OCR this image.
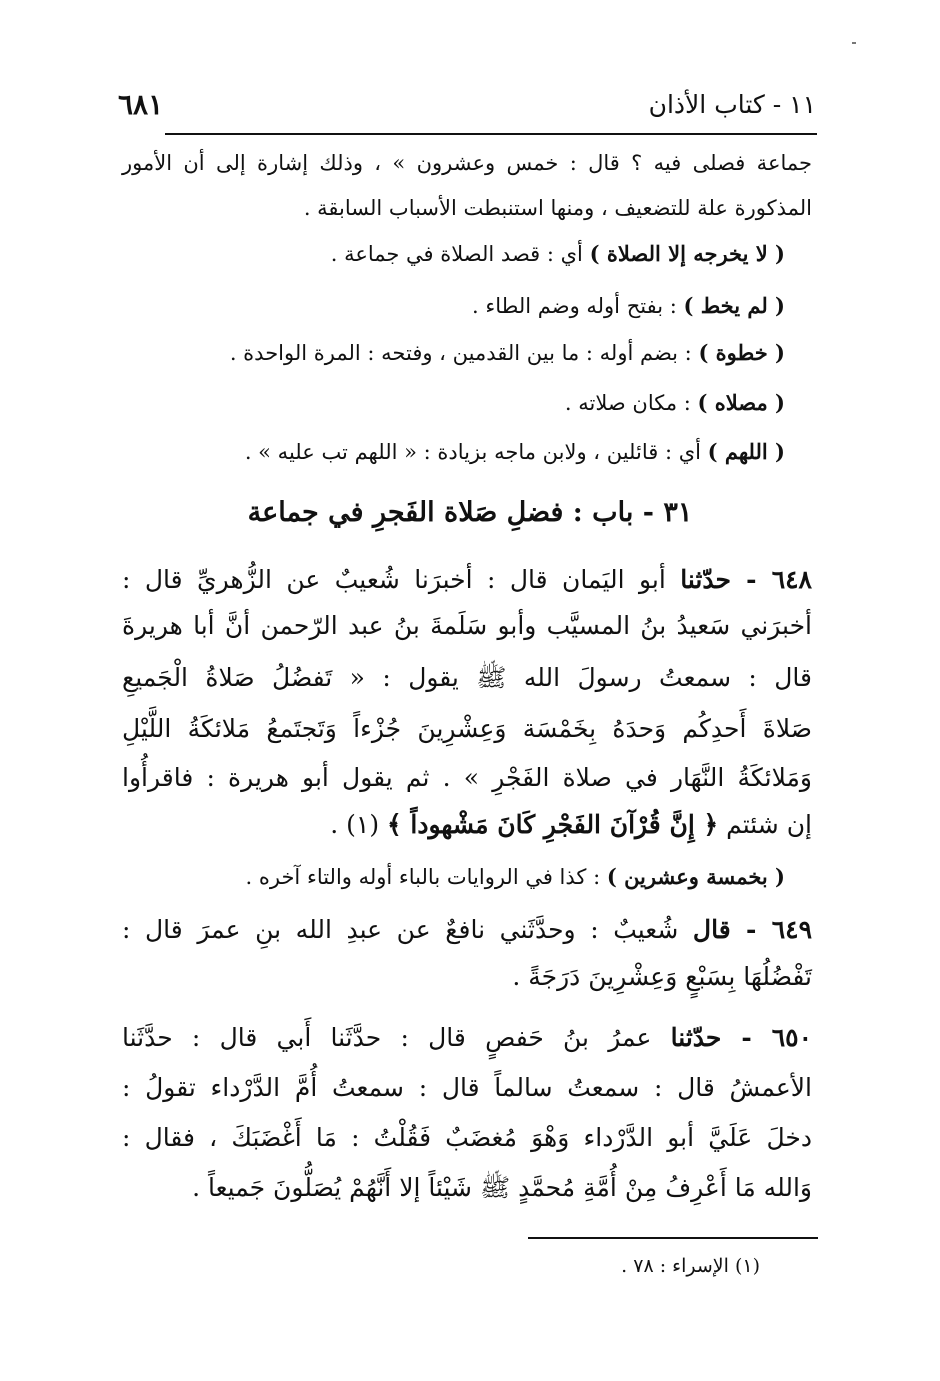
١١ - كتاب الأذان
٦٨١
جماعة فصلى فيه ؟ قال : خمس وعشرون » ، وذلك إشارة إلى أن الأمور
المذكورة علة للتضعيف ، ومنها استنبطت الأسباب السابقة .
( لا يخرجه إلا الصلاة ) أي : قصد الصلاة في جماعة .
( لم يخط ) : بفتح أوله وضم الطاء .
( خطوة ) : بضم أوله : ما بين القدمين ، وفتحه : المرة الواحدة .
( مصلاه ) : مكان صلاته .
( اللهم ) أي : قائلين ، ولابن ماجه بزيادة : « اللهم تب عليه » .
٣١ - باب : فضلِ صَلاة الفَجرِ في جماعة
٦٤٨ - حدّثنا أبو اليَمان قال : أخبرَنا شُعيبٌ عن الزُّهريِّ قال :
أخبرَني سَعيدُ بنُ المسيَّب وأبو سَلَمةَ بنُ عبد الرّحمن أنَّ أبا هريرةَ
قال : سمعتُ رسولَ الله ﷺ يقول : « تَفضُلُ صَلاةُ الْجَميعِ
صَلاةَ أَحدِكُم وَحدَهُ بِخَمْسَة وَعِشْرِينَ جُزْءاً وَتَجتَمعُ مَلائكَةُ اللَّيْلِ
وَمَلائكَةُ النَّهَار في صلاة الفَجْرِ » . ثم يقول أبو هريرة : فاقرأُوا
إن شئتم ﴿ إِنَّ قُرْآنَ الفَجْرِ كَانَ مَشْهوداً ﴾ (١) .
( بخمسة وعشرين ) : كذا في الروايات بالباء أوله والتاء آخره .
٦٤٩ - قال شُعيبٌ : وحدَّثَني نافعٌ عن عبدِ الله بنِ عمرَ قال :
تَفْضُلُهَا بِسَبْعٍ وَعِشْرِينَ دَرَجَةً .
٦٥٠ - حدّثنا عمرُ بنُ حَفصٍ قال : حدَّثَنا أَبي قال : حدَّثَنا
الأعمشُ قال : سمعتُ سالماً قال : سمعتُ أُمَّ الدَّرْداء تقولُ :
دخلَ عَلَيَّ أبو الدَّرْداء وَهْوَ مُغضَبٌ فَقُلْتُ : مَا أَغْضَبَكَ ، فقال :
وَالله مَا أَعْرِفُ مِنْ أُمَّةِ مُحمَّدٍ ﷺ شَيْئاً إلا أَنَّهُمْ يُصَلُّونَ جَميعاً .
(١) الإسراء : ٧٨ .
